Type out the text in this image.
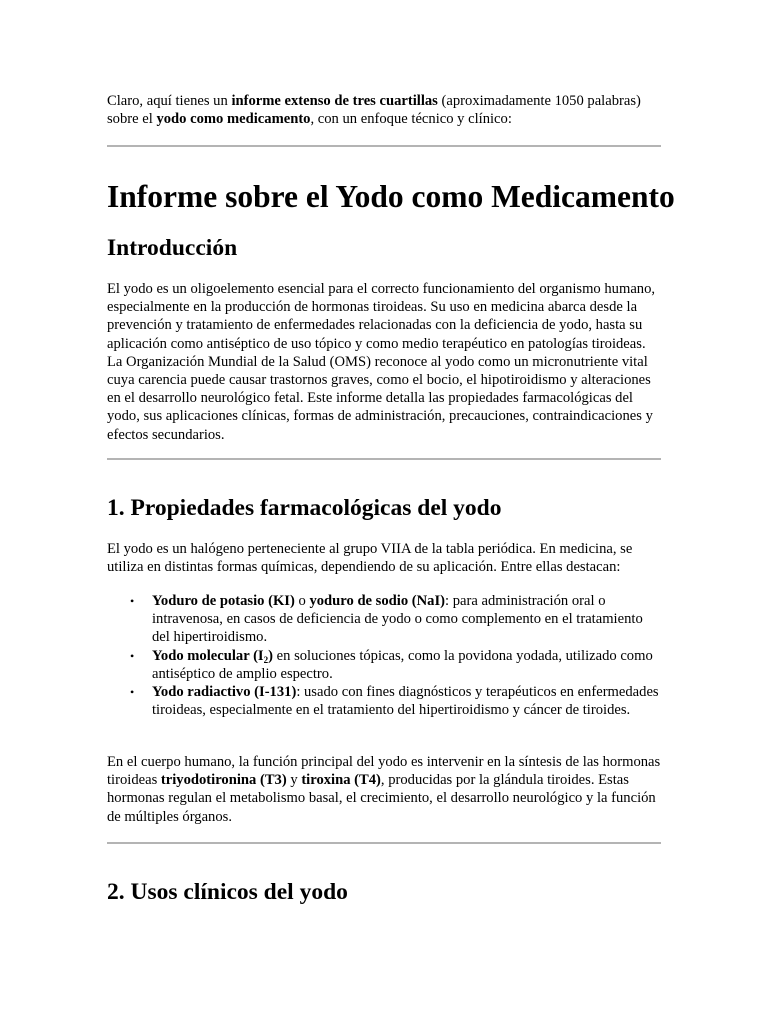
Claro, aquí tienes un informe extenso de tres cuartillas (aproximadamente 1050 palabras) sobre el yodo como medicamento, con un enfoque técnico y clínico:

Informe sobre el Yodo como Medicamento
Introducción

El yodo es un oligoelemento esencial para el correcto funcionamiento del organismo humano, especialmente en la producción de hormonas tiroideas. Su uso en medicina abarca desde la prevención y tratamiento de enfermedades relacionadas con la deficiencia de yodo, hasta su aplicación como antiséptico de uso tópico y como medio terapéutico en patologías tiroideas. La Organización Mundial de la Salud (OMS) reconoce al yodo como un micronutriente vital cuya carencia puede causar trastornos graves, como el bocio, el hipotiroidismo y alteraciones en el desarrollo neurológico fetal. Este informe detalla las propiedades farmacológicas del yodo, sus aplicaciones clínicas, formas de administración, precauciones, contraindicaciones y efectos secundarios.

1. Propiedades farmacológicas del yodo

El yodo es un halógeno perteneciente al grupo VIIA de la tabla periódica. En medicina, se utiliza en distintas formas químicas, dependiendo de su aplicación. Entre ellas destacan:

• Yoduro de potasio (KI) o yoduro de sodio (NaI): para administración oral o intravenosa, en casos de deficiencia de yodo o como complemento en el tratamiento del hipertiroidismo.
• Yodo molecular $(I_2)$ en soluciones tópicas, como la povidona yodada, utilizado como antiséptico de amplio espectro.
• Yodo radiactivo (I-131): usado con fines diagnósticos y terapéuticos en enfermedades tiroideas, especialmente en el tratamiento del hipertiroidismo y cáncer de tiroides.

En el cuerpo humano, la función principal del yodo es intervenir en la síntesis de las hormonas tiroideas triyodotironina (T3) y tiroxina (T4), producidas por la glándula tiroides. Estas hormonas regulan el metabolismo basal, el crecimiento, el desarrollo neurológico y la función de múltiples órganos.

2. Usos clínicos del yodo
